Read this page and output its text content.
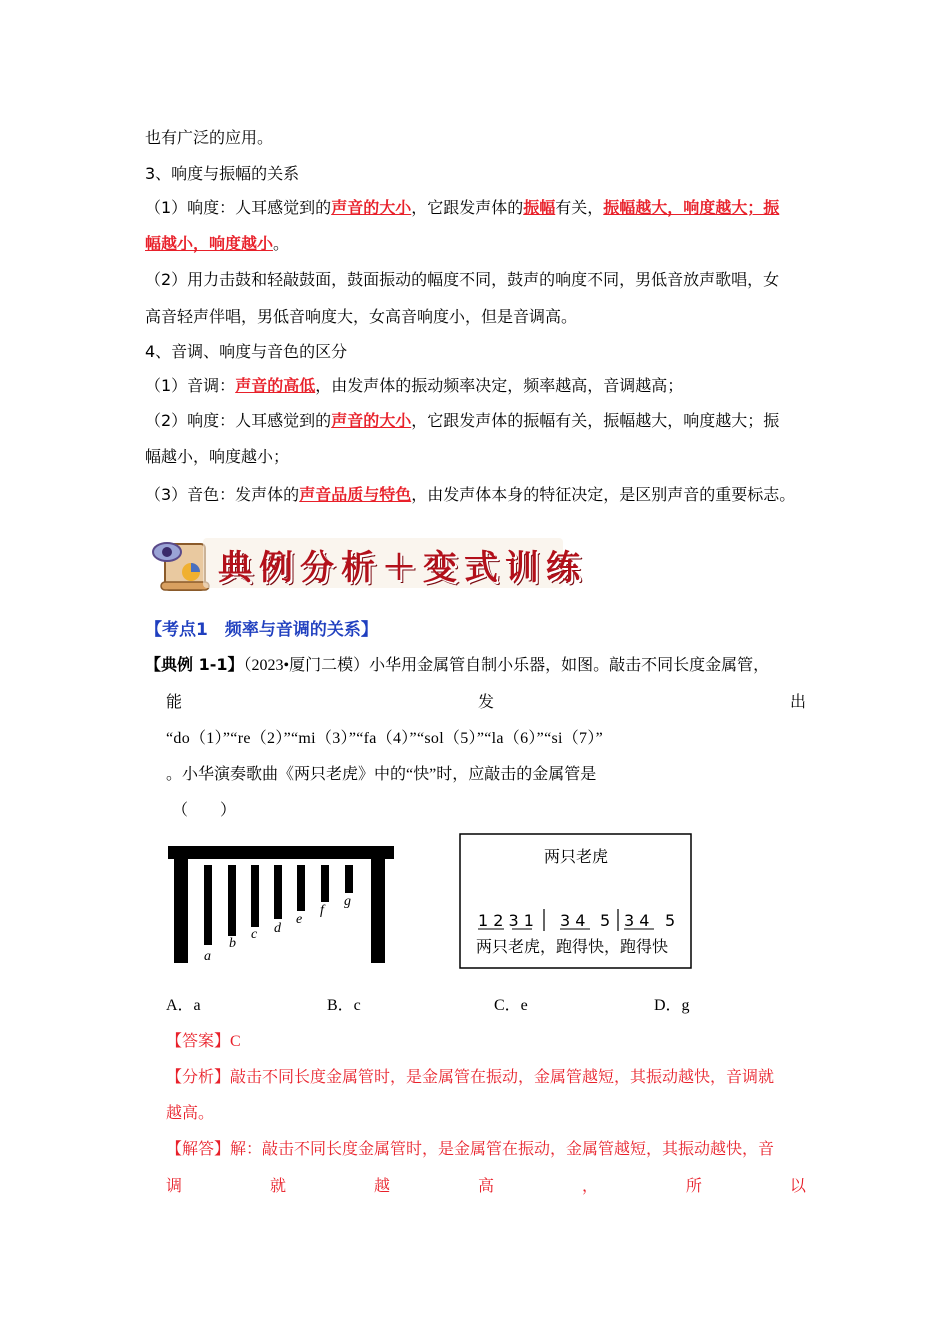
也有广泛的应用。
3、响度与振幅的关系
（1）响度：人耳感觉到的声音的大小，它跟发声体的振幅有关，振幅越大，响度越大；振
幅越小，响度越小。
（2）用力击鼓和轻敲鼓面，鼓面振动的幅度不同，鼓声的响度不同，男低音放声歌唱，女
高音轻声伴唱，男低音响度大，女高音响度小，但是音调高。
4、音调、响度与音色的区分
（1）音调：声音的高低，由发声体的振动频率决定，频率越高，音调越高；
（2）响度：人耳感觉到的声音的大小，它跟发声体的振幅有关，振幅越大，响度越大；振
幅越小，响度越小；
（3）音色：发声体的声音品质与特色，由发声体本身的特征决定，是区别声音的重要标志。
典例分析＋变式训练
【考点1　频率与音调的关系】
【典例 1-1】（2023•厦门二模）小华用金属管自制小乐器，如图。敲击不同长度金属管，
能	发	出
“do（1）”“re（2）”“mi（3）”“fa（4）”“sol（5）”“la（6）”“si（7）”
。小华演奏歌曲《两只老虎》中的“快”时，应敲击的金属管是
（　　）
a
b
c d
e
f
g
两只老虎
1 2 3 1 3 4 5 3 4 5
两只老虎，跑得快，跑得快
A．a	B．c	C．e	D．g
【答案】C
【分析】敲击不同长度金属管时，是金属管在振动，金属管越短，其振动越快，音调就
越高。
【解答】解：敲击不同长度金属管时，是金属管在振动，金属管越短，其振动越快，音
调	就	越	高	，	所	以
